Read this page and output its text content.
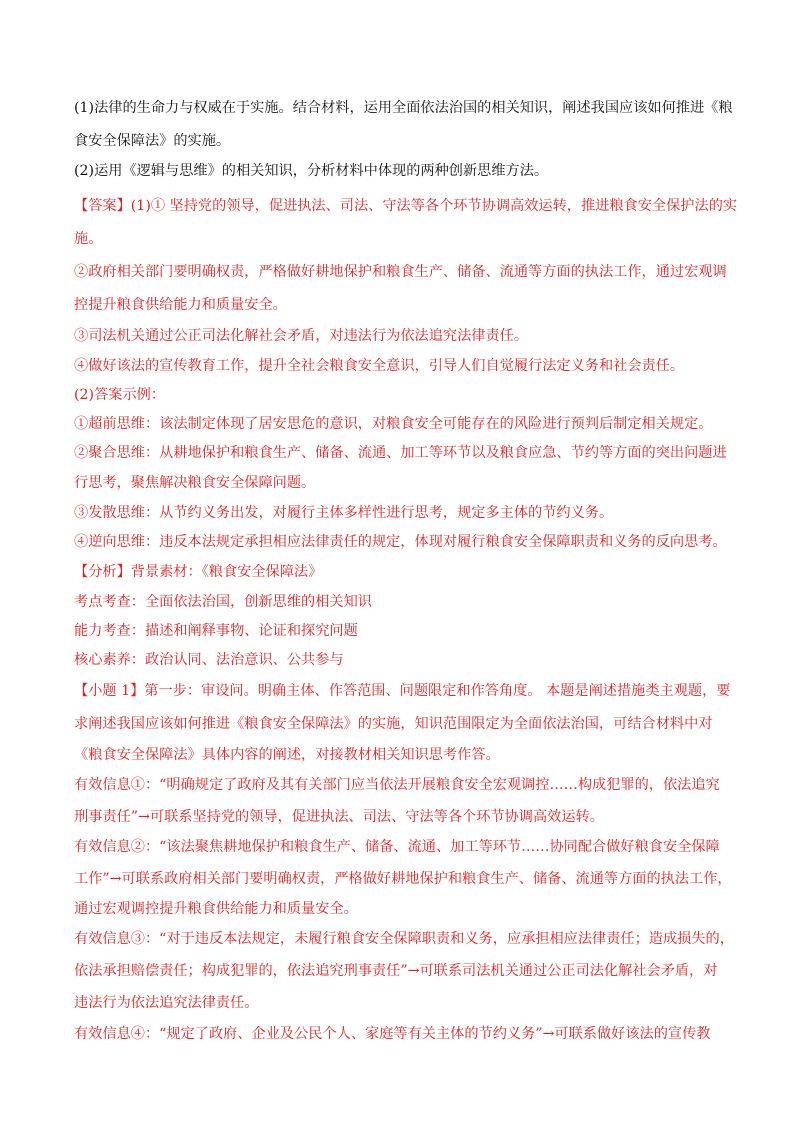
(1)法律的生命力与权威在于实施。结合材料，运用全面依法治国的相关知识，阐述我国应该如何推进《粮
食安全保障法》的实施。
(2)运用《逻辑与思维》的相关知识，分析材料中体现的两种创新思维方法。
【答案】(1)① 坚持党的领导，促进执法、司法、守法等各个环节协调高效运转，推进粮食安全保护法的实
施。
②政府相关部门要明确权责，严格做好耕地保护和粮食生产、储备、流通等方面的执法工作，通过宏观调
控提升粮食供给能力和质量安全。
③司法机关通过公正司法化解社会矛盾，对违法行为依法追究法律责任。
④做好该法的宣传教育工作，提升全社会粮食安全意识，引导人们自觉履行法定义务和社会责任。
(2)答案示例：
①超前思维：该法制定体现了居安思危的意识，对粮食安全可能存在的风险进行预判后制定相关规定。
②聚合思维：从耕地保护和粮食生产、储备、流通、加工等环节以及粮食应急、节约等方面的突出问题进
行思考，聚焦解决粮食安全保障问题。
③发散思维：从节约义务出发，对履行主体多样性进行思考，规定多主体的节约义务。
④逆向思维：违反本法规定承担相应法律责任的规定，体现对履行粮食安全保障职责和义务的反向思考。
【分析】背景素材：《粮食安全保障法》
考点考查：全面依法治国，创新思维的相关知识
能力考查：描述和阐释事物、论证和探究问题
核心素养：政治认同、法治意识、公共参与
【小题 1】第一步：审设问。明确主体、作答范围、问题限定和作答角度。 本题是阐述措施类主观题，要
求阐述我国应该如何推进《粮食安全保障法》的实施，知识范围限定为全面依法治国，可结合材料中对
《粮食安全保障法》具体内容的阐述，对接教材相关知识思考作答。
有效信息①：“明确规定了政府及其有关部门应当依法开展粮食安全宏观调控……构成犯罪的，依法追究
刑事责任”→可联系坚持党的领导，促进执法、司法、守法等各个环节协调高效运转。
有效信息②：“该法聚焦耕地保护和粮食生产、储备、流通、加工等环节……协同配合做好粮食安全保障
工作”→可联系政府相关部门要明确权责，严格做好耕地保护和粮食生产、储备、流通等方面的执法工作，
通过宏观调控提升粮食供给能力和质量安全。
有效信息③：“对于违反本法规定，未履行粮食安全保障职责和义务，应承担相应法律责任；造成损失的，
依法承担赔偿责任；构成犯罪的，依法追究刑事责任”→可联系司法机关通过公正司法化解社会矛盾，对
违法行为依法追究法律责任。
有效信息④：“规定了政府、企业及公民个人、家庭等有关主体的节约义务”→可联系做好该法的宣传教
